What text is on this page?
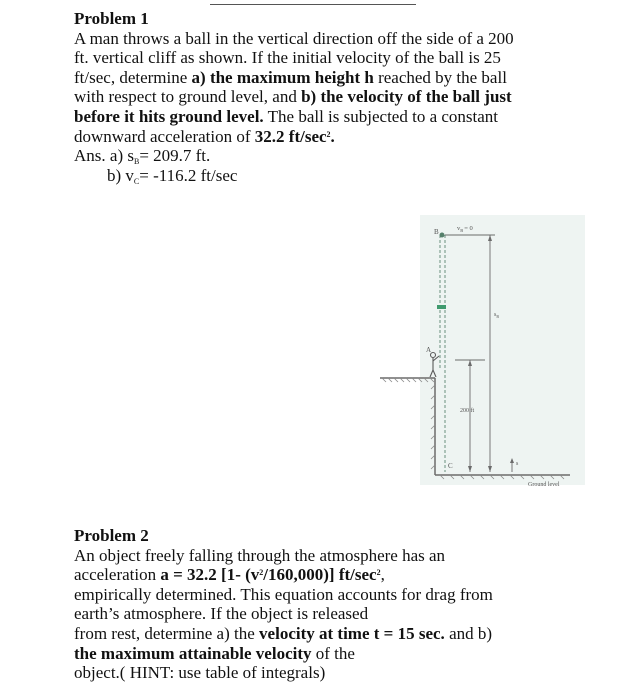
Problem 1
A man throws a ball in the vertical direction off the side of a 200
ft. vertical cliff as shown. If the initial velocity of the ball is 25
ft/sec, determine a) the maximum height h reached by the ball
with respect to ground level, and b) the velocity of the ball just
before it hits ground level. The ball is subjected to a constant
downward acceleration of 32.2 $ft/\sec^2$.
Ans. a) $s_B= 209.7$ ft.
b) $v_C= -116.2$ ft/sec
B	$v_B= 0$
A
$s_B$
200 ft
C	s
Ground level
Problem 2
An object freely falling through the atmosphere has an
acceleration a = 32.2 [1- $(v^2/160,000)$] $ft/\sec^2$,
empirically determined. This equation accounts for drag from
earth’s atmosphere. If the object is released
from rest, determine a) the velocity at time t = 15 sec. and b)
the maximum attainable velocity of the
object.( HINT: use table of integrals)
